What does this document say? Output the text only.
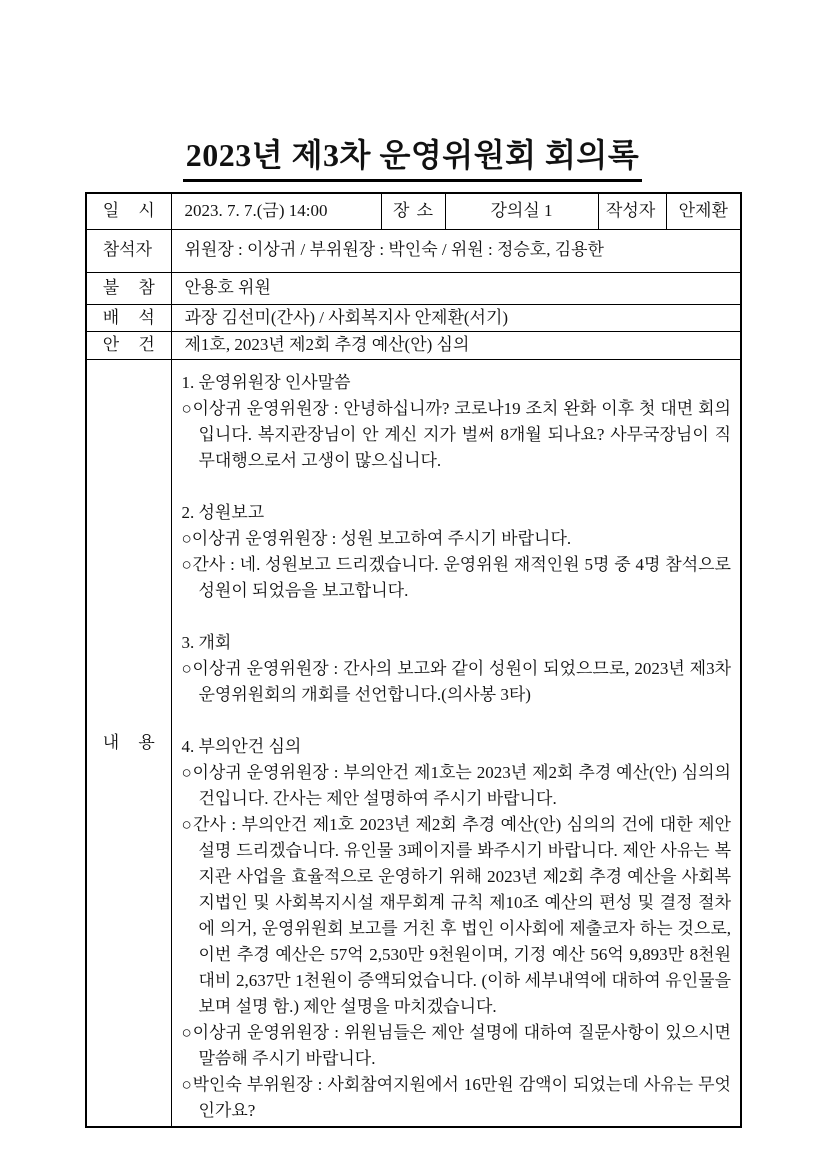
2023년 제3차 운영위원회 회의록
일 시	2023. 7. 7.(금) 14:00	장 소	강의실 1	작성자	안제환
참석자	위원장 : 이상귀 / 부위원장 : 박인숙 / 위원 : 정승호, 김용한				
불 참	안용호 위원				
배 석	과장 김선미(간사) / 사회복지사 안제환(서기)				
안 건	제1호, 2023년 제2회 추경 예산(안) 심의				
내 용	

1. 운영위원장 인사말씀

○이상귀 운영위원장 : 안녕하십니까? 코로나19 조치 완화 이후 첫 대면 회의입니다. 복지관장님이 안 계신 지가 벌써 8개월 되나요? 사무국장님이 직무대행으로서 고생이 많으십니다.

2. 성원보고

○이상귀 운영위원장 : 성원 보고하여 주시기 바랍니다.

○간사 : 네. 성원보고 드리겠습니다. 운영위원 재적인원 5명 중 4명 참석으로 성원이 되었음을 보고합니다.

3. 개회

○이상귀 운영위원장 : 간사의 보고와 같이 성원이 되었으므로, 2023년 제3차 운영위원회의 개회를 선언합니다.(의사봉 3타)

4. 부의안건 심의

○이상귀 운영위원장 : 부의안건 제1호는 2023년 제2회 추경 예산(안) 심의의 건입니다. 간사는 제안 설명하여 주시기 바랍니다.

○간사 : 부의안건 제1호 2023년 제2회 추경 예산(안) 심의의 건에 대한 제안 설명 드리겠습니다. 유인물 3페이지를 봐주시기 바랍니다. 제안 사유는 복지관 사업을 효율적으로 운영하기 위해 2023년 제2회 추경 예산을 사회복지법인 및 사회복지시설 재무회계 규칙 제10조 예산의 편성 및 결정 절차에 의거, 운영위원회 보고를 거친 후 법인 이사회에 제출코자 하는 것으로, 이번 추경 예산은 57억 2,530만 9천원이며, 기정 예산 56억 9,893만 8천원 대비 2,637만 1천원이 증액되었습니다. (이하 세부내역에 대하여 유인물을 보며 설명 함.) 제안 설명을 마치겠습니다.

○이상귀 운영위원장 : 위원님들은 제안 설명에 대하여 질문사항이 있으시면 말씀해 주시기 바랍니다.

○박인숙 부위원장 : 사회참여지원에서 16만원 감액이 되었는데 사유는 무엇인가요?
